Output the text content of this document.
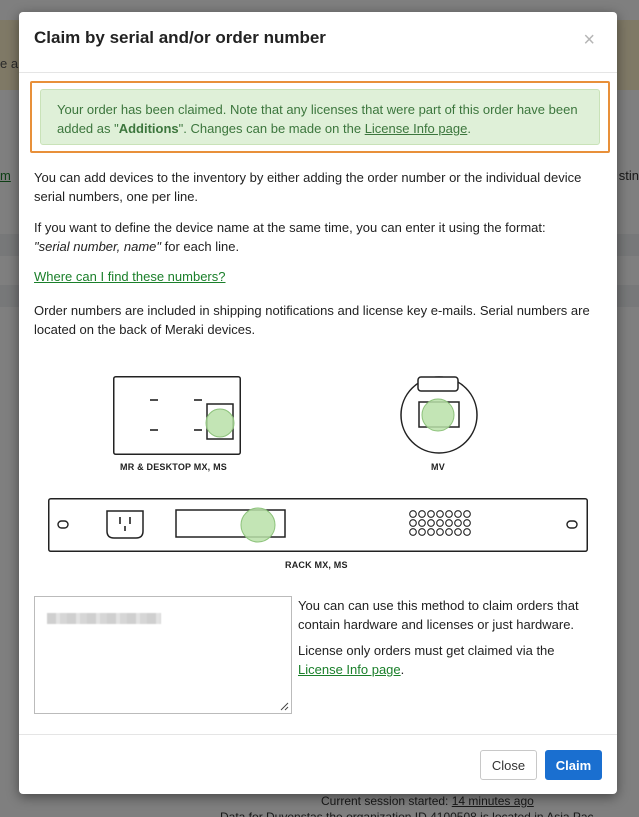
Claim by serial and/or order number	×
Your order has been claimed. Note that any licenses that were part of this order have been added as "Additions". Changes can be made on the License Info page.

You can add devices to the inventory by either adding the order number or the individual device serial numbers, one per line.

If you want to define the device name at the same time, you can enter it using the format:
"serial number, name" for each line.

Where can I find these numbers?

Order numbers are included in shipping notifications and license key e-mails. Serial numbers are located on the back of Meraki devices.

MR & DESKTOP MX, MS	MV
RACK MX, MS

You can can use this method to claim orders that contain hardware and licenses or just hardware.

License only orders must get claimed via the License Info page.

Close	Claim
